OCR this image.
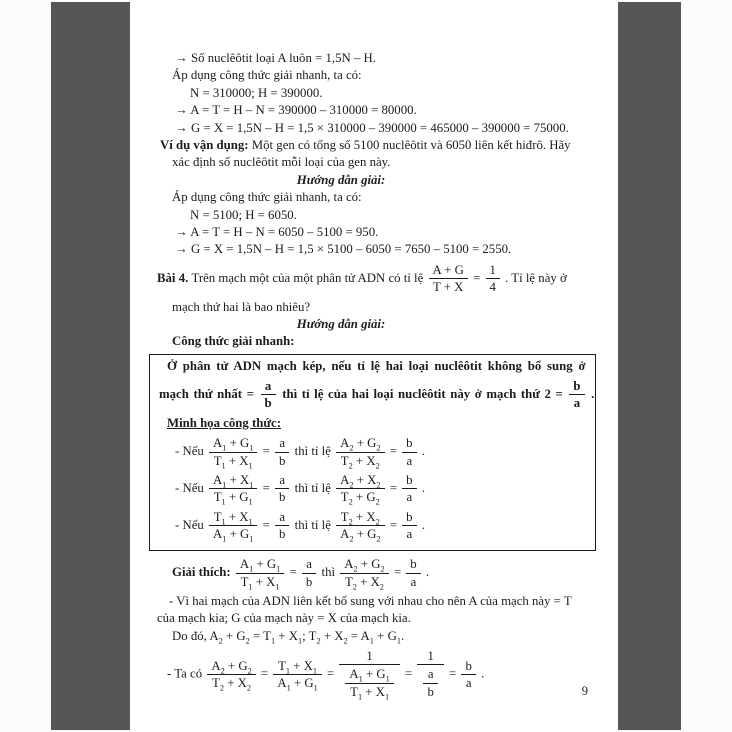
→ Số nuclêôtit loại A luôn = 1,5N – H.

Áp dụng công thức giải nhanh, ta có:

N = 310000; H = 390000.

→ A = T = H – N = 390000 – 310000 = 80000.

→ G = X = 1,5N – H = 1,5 × 310000 – 390000 = 465000 – 390000 = 75000.

Ví dụ vận dụng: Một gen có tổng số 5100 nuclêôtit và 6050 liên kết hiđrô. Hãy

xác định số nuclêôtit mỗi loại của gen này.

Hướng dẫn giải:

Áp dụng công thức giải nhanh, ta có:

N = 5100; H = 6050.

→ A = T = H – N = 6050 – 5100 = 950.

→ G = X = 1,5N – H = 1,5 × 5100 – 6050 = 7650 – 5100 = 2550.

Bài 4. Trên mạch một của một phân tử ADN có tỉ lệ $\frac{A + G}{T + X} = \frac{1}{4}$ . Tỉ lệ này ở

mạch thứ hai là bao nhiêu?

Hướng dẫn giải:

Công thức giải nhanh:

Ở phân tử ADN mạch kép, nếu tỉ lệ hai loại nuclêôtit không bổ sung ở

mạch thứ nhất = $\frac{a}{b}$ thì tỉ lệ của hai loại nuclêôtit này ở mạch thứ $2 = \frac{b}{a}$ .

Minh họa công thức:

- Nếu $\frac{A_1 + G_1}{T_1 + X_1} = \frac{a}{b}$ thì tỉ lệ $\frac{A_2 + G_2}{T_2 + X_2} = \frac{b}{a}$ .

- Nếu $\frac{A_1 + X_1}{T_1 + G_1} = \frac{a}{b}$ thì tỉ lệ $\frac{A_2 + X_2}{T_2 + G_2} = \frac{b}{a}$ .

- Nếu $\frac{T_1 + X_1}{A_1 + G_1} = \frac{a}{b}$ thì tỉ lệ $\frac{T_2 + X_2}{A_2 + G_2} = \frac{b}{a}$ .

Giải thích: $\frac{A_1 + G_1}{T_1 + X_1} = \frac{a}{b}$ thì $\frac{A_2 + G_2}{T_2 + X_2} = \frac{b}{a}$ .

- Vì hai mạch của ADN liên kết bổ sung với nhau cho nên A của mạch này = T

của mạch kia; G của mạch này = X của mạch kia.

Do đó, $A_2 + G_2 = T_1 + X_1$; $T_2 + X_2 = A_1 + G_1$.

- Ta có $\frac{A_2 + G_2}{T_2 + X_2} = \frac{T_1 + X_1}{A_1 + G_1} = \frac{1}{\frac{A_1 + G_1}{T_1 + X_1}} = \frac{1}{\frac{a}{b}} = \frac{b}{a}$ .

9
